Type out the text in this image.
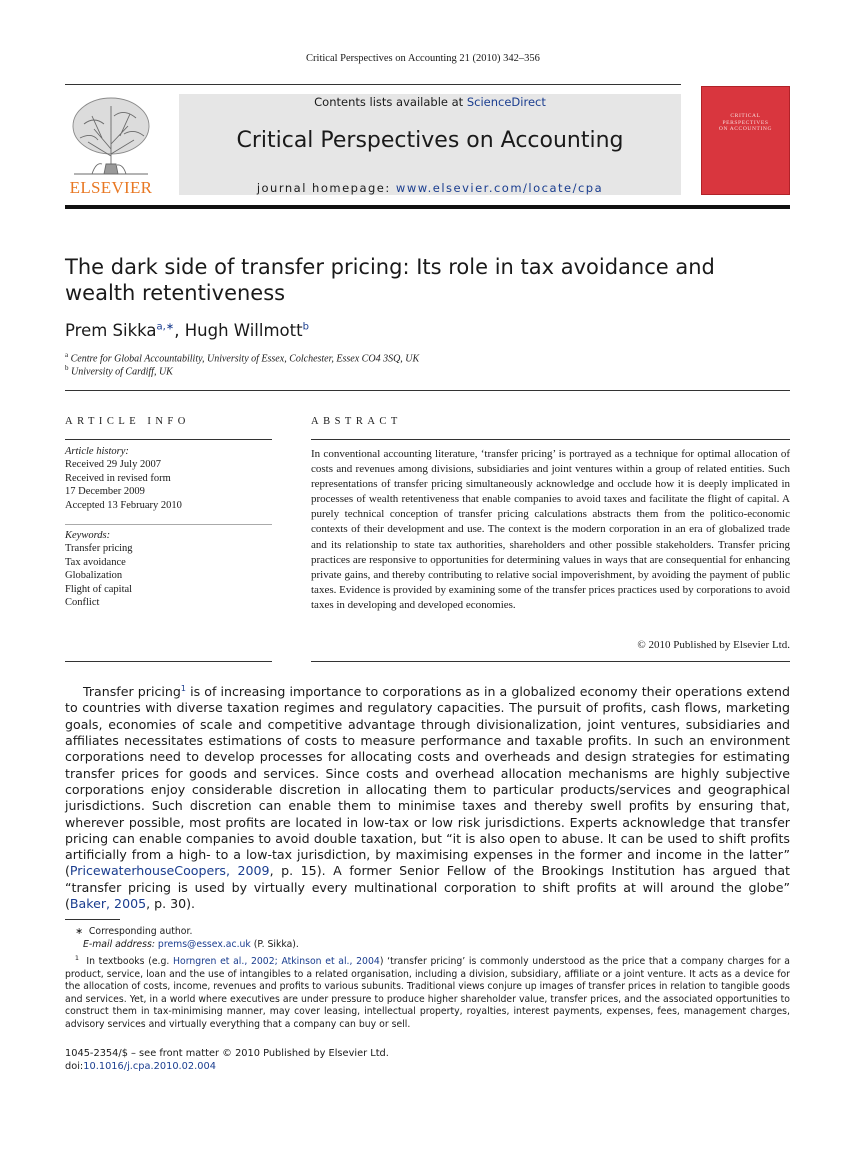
Critical Perspectives on Accounting 21 (2010) 342–356
ELSEVIER
Contents lists available at ScienceDirect
Critical Perspectives on Accounting
journal homepage: www.elsevier.com/locate/cpa
CRITICAL
PERSPECTIVES
ON ACCOUNTING
The dark side of transfer pricing: Its role in tax avoidance and wealth retentiveness
Prem Sikka$^{a,∗}$, Hugh Willmott$^b$
$^a$ Centre for Global Accountability, University of Essex, Colchester, Essex CO4 3SQ, UK
$^b$ University of Cardiff, UK
ARTICLE INFO
Article history:
Received 29 July 2007
Received in revised form
17 December 2009
Accepted 13 February 2010
Keywords:
Transfer pricing
Tax avoidance
Globalization
Flight of capital
Conflict
ABSTRACT
In conventional accounting literature, ‘transfer pricing’ is portrayed as a technique for optimal allocation of costs and revenues among divisions, subsidiaries and joint ventures within a group of related entities. Such representations of transfer pricing simultaneously acknowledge and occlude how it is deeply implicated in processes of wealth retentiveness that enable companies to avoid taxes and facilitate the flight of capital. A purely technical conception of transfer pricing calculations abstracts them from the politico-economic contexts of their development and use. The context is the modern corporation in an era of globalized trade and its relationship to state tax authorities, shareholders and other possible stakeholders. Transfer pricing practices are responsive to opportunities for determining values in ways that are consequential for enhancing private gains, and thereby contributing to relative social impoverishment, by avoiding the payment of public taxes. Evidence is provided by examining some of the transfer prices practices used by corporations to avoid taxes in developing and developed economies.
© 2010 Published by Elsevier Ltd.

Transfer pricing$^1$ is of increasing importance to corporations as in a globalized economy their operations extend to countries with diverse taxation regimes and regulatory capacities. The pursuit of profits, cash flows, marketing goals, economies of scale and competitive advantage through divisionalization, joint ventures, subsidiaries and affiliates necessitates estimations of costs to measure performance and taxable profits. In such an environment corporations need to develop processes for allocating costs and overheads and design strategies for estimating transfer prices for goods and services. Since costs and overhead allocation mechanisms are highly subjective corporations enjoy considerable discretion in allocating them to particular products/services and geographical jurisdictions. Such discretion can enable them to minimise taxes and thereby swell profits by ensuring that, wherever possible, most profits are located in low-tax or low risk jurisdictions. Experts acknowledge that transfer pricing can enable companies to avoid double taxation, but “it is also open to abuse. It can be used to shift profits artificially from a high- to a low-tax jurisdiction, by maximising expenses in the former and income in the latter” (PricewaterhouseCoopers, 2009, p. 15). A former Senior Fellow of the Brookings Institution has argued that “transfer pricing is used by virtually every multinational corporation to shift profits at will around the globe” (Baker, 2005, p. 30).

∗ Corresponding author.
E-mail address: prems@essex.ac.uk (P. Sikka).
$^1$ In textbooks (e.g. Horngren et al., 2002; Atkinson et al., 2004) ‘transfer pricing’ is commonly understood as the price that a company charges for a product, service, loan and the use of intangibles to a related organisation, including a division, subsidiary, affiliate or a joint venture. It acts as a device for the allocation of costs, income, revenues and profits to various subunits. Traditional views conjure up images of transfer prices in relation to tangible goods and services. Yet, in a world where executives are under pressure to produce higher shareholder value, transfer prices, and the associated opportunities to construct them in tax-minimising manner, may cover leasing, intellectual property, royalties, interest payments, expenses, fees, management charges, advisory services and virtually everything that a company can buy or sell.
1045-2354/$ – see front matter © 2010 Published by Elsevier Ltd.
doi:10.1016/j.cpa.2010.02.004
